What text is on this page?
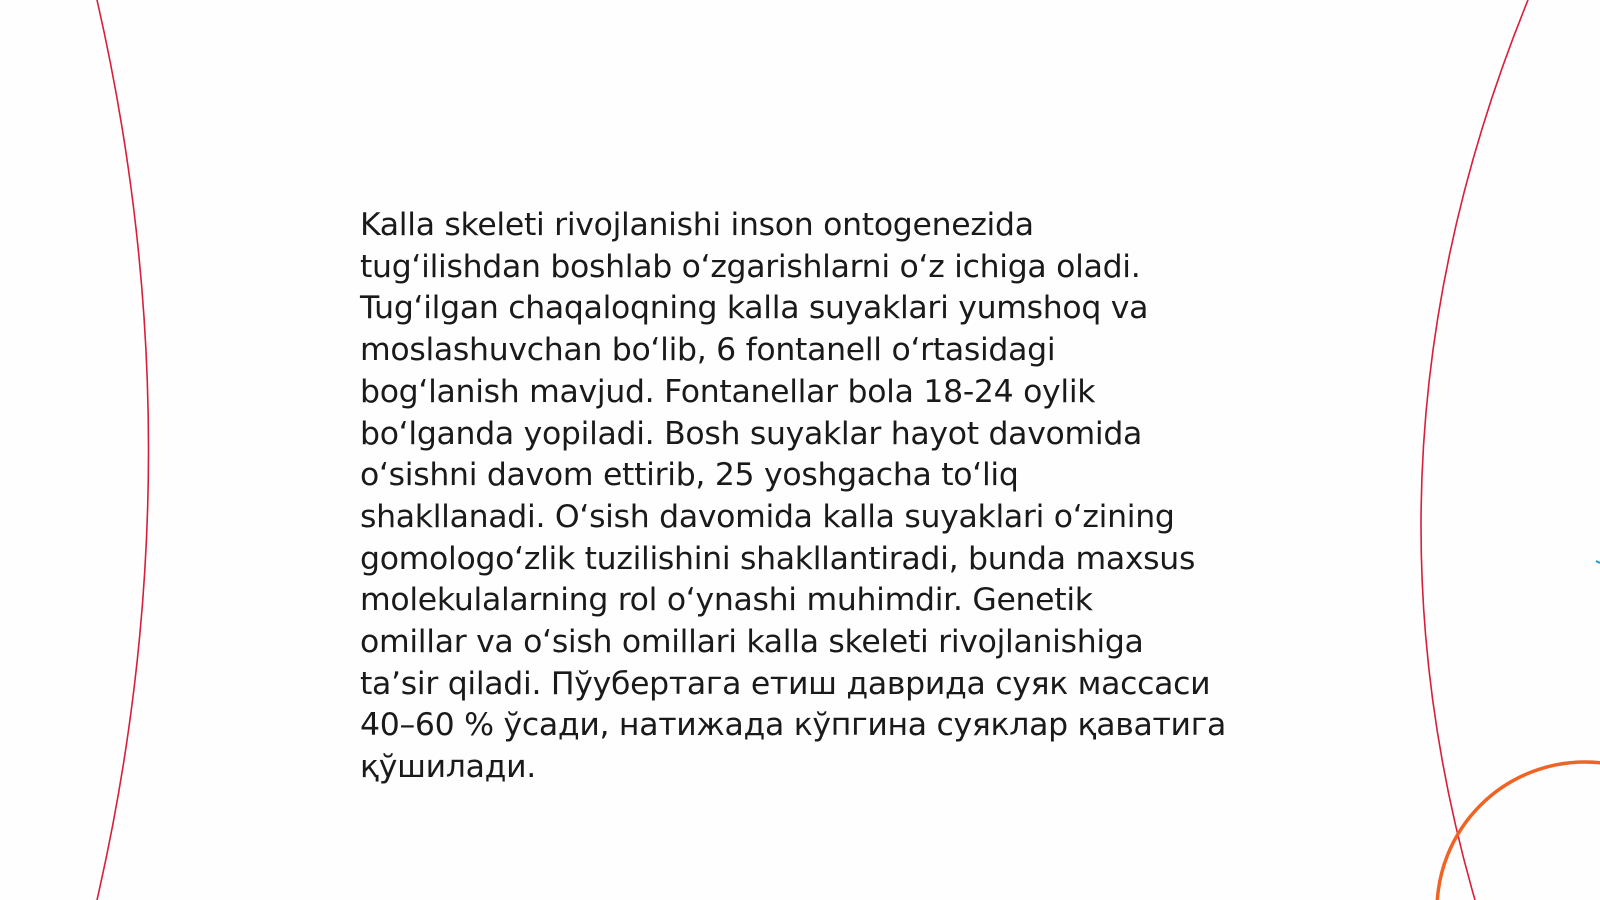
Kalla skeleti rivojlanishi inson ontogenezida
tug‘ilishdan boshlab o‘zgarishlarni o‘z ichiga oladi.
Tug‘ilgan chaqaloqning kalla suyaklari yumshoq va
moslashuvchan bo‘lib, 6 fontanell o‘rtasidagi
bog‘lanish mavjud. Fontanellar bola 18-24 oylik
bo‘lganda yopiladi. Bosh suyaklar hayot davomida
o‘sishni davom ettirib, 25 yoshgacha to‘liq
shakllanadi. O‘sish davomida kalla suyaklari o‘zining
gomologo‘zlik tuzilishini shakllantiradi, bunda maxsus
molekulalarning rol o‘ynashi muhimdir. Genetik
omillar va o‘sish omillari kalla skeleti rivojlanishiga
ta’sir qiladi. Пўубертага етиш даврида суяк массаси
40–60 % ўсади, натижада кўпгина суяклар қаватига
қўшилади.
